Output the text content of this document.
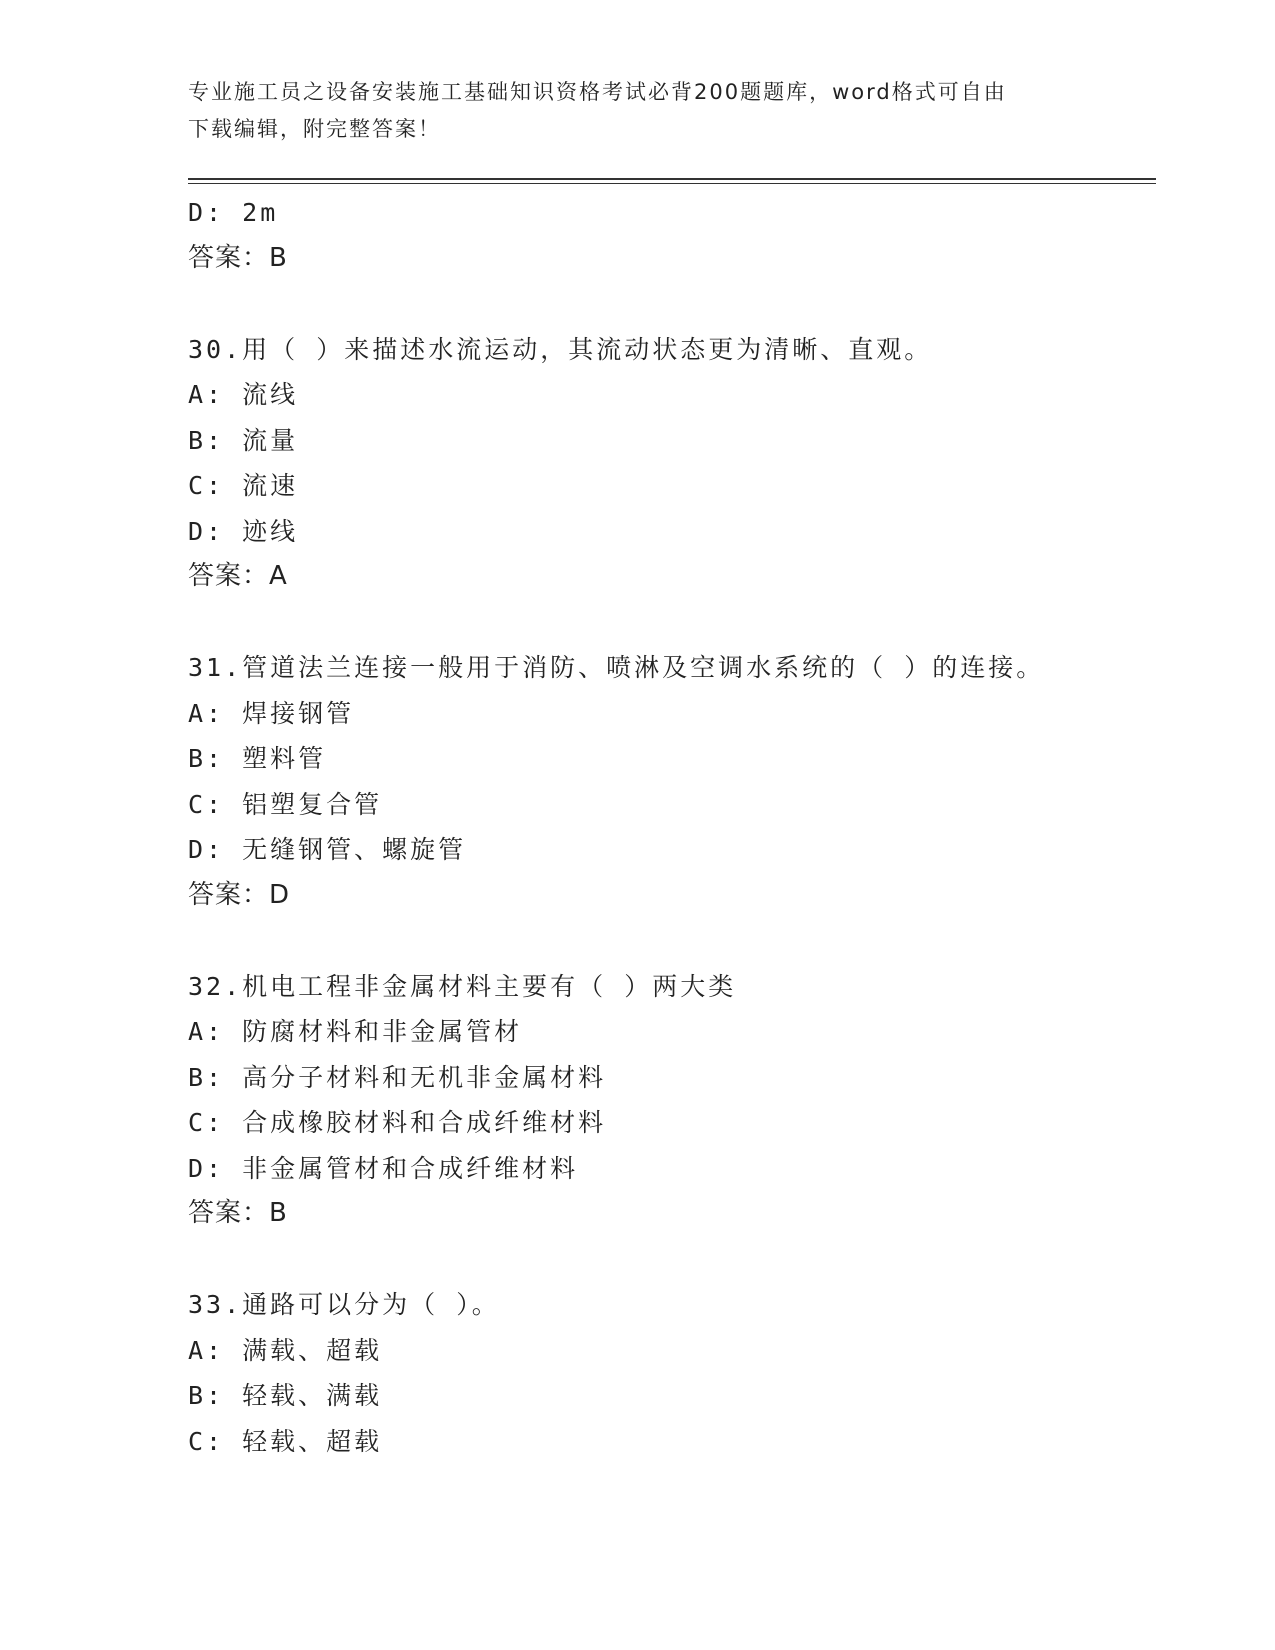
专业施工员之设备安装施工基础知识资格考试必背200题题库，word格式可自由
下载编辑，附完整答案！
D: 2m
答案：B
30.用（ ）来描述水流运动，其流动状态更为清晰、直观。
A: 流线
B: 流量
C: 流速
D: 迹线
答案：A
31.管道法兰连接一般用于消防、喷淋及空调水系统的（ ）的连接。
A: 焊接钢管
B: 塑料管
C: 铝塑复合管
D: 无缝钢管、螺旋管
答案：D
32.机电工程非金属材料主要有（ ）两大类
A: 防腐材料和非金属管材
B: 高分子材料和无机非金属材料
C: 合成橡胶材料和合成纤维材料
D: 非金属管材和合成纤维材料
答案：B
33.通路可以分为（ ）。
A: 满载、超载
B: 轻载、满载
C: 轻载、超载
